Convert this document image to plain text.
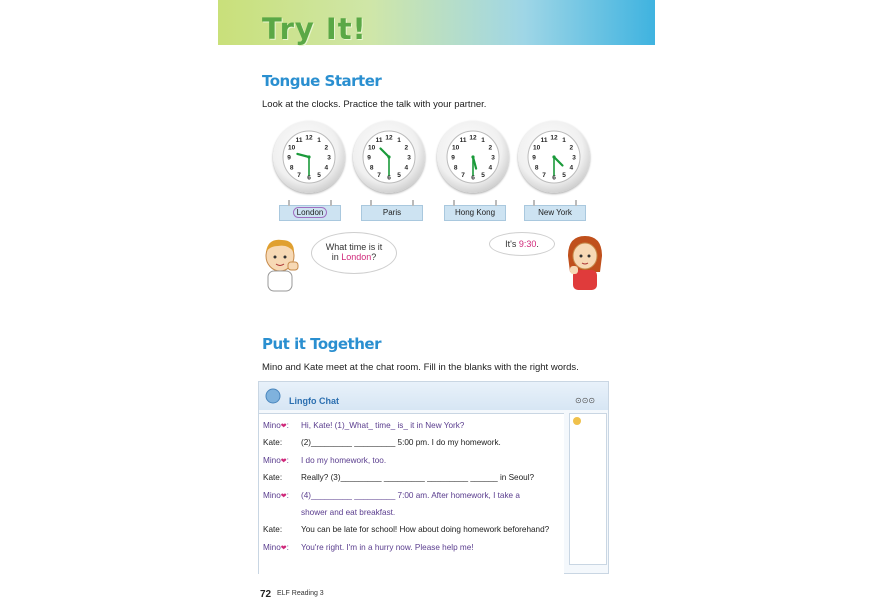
Try It!
Tongue Starter
Look at the clocks. Practice the talk with your partner.
1
2
3
4
5
6
7
8
9
10
11 12	1
2
3
4
5
6
7
8
9
10
11 12	1
2
3
4
5
6
7
8
9
10
11 12	1
2
3
4
5
6
7
8
9
10
11 12
London	Paris	Hong Kong	New York
What time is it
in London?
It's 9:30.
Put it Together
Mino and Kate meet at the chat room. Fill in the blanks with the right words.
⊙⊙⊙
Lingfo Chat
Mino❤:	Hi, Kate! (1)_What_ time_ is_ it in New York?
Kate:	(2)_________ _________ 5:00 pm. I do my homework.
Mino❤:	I do my homework, too.
Kate:	Really? (3)_________ _________ _________ ______ in Seoul?
Mino❤:	(4)_________ _________ 7:00 am. After homework, I take a
shower and eat breakfast.
Kate:	You can be late for school! How about doing homework beforehand?
Mino❤:	You're right. I'm in a hurry now. Please help me!
72 ELF Reading 3
